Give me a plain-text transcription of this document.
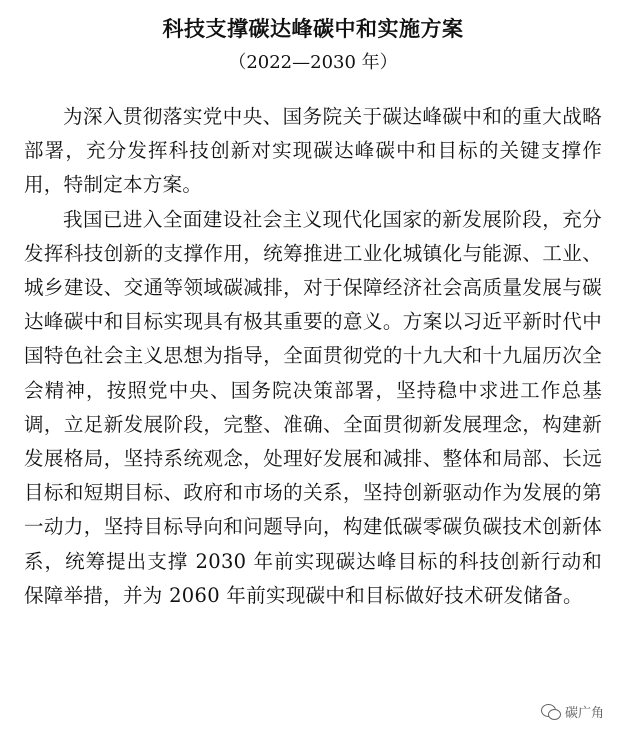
科技支撑碳达峰碳中和实施方案
（2022—2030 年）

为深入贯彻落实党中央、国务院关于碳达峰碳中和的重大战略部署，充分发挥科技创新对实现碳达峰碳中和目标的关键支撑作用，特制定本方案。

我国已进入全面建设社会主义现代化国家的新发展阶段，充分发挥科技创新的支撑作用，统筹推进工业化城镇化与能源、工业、城乡建设、交通等领域碳减排，对于保障经济社会高质量发展与碳达峰碳中和目标实现具有极其重要的意义。方案以习近平新时代中国特色社会主义思想为指导，全面贯彻党的十九大和十九届历次全会精神，按照党中央、国务院决策部署，坚持稳中求进工作总基调，立足新发展阶段，完整、准确、全面贯彻新发展理念，构建新发展格局，坚持系统观念，处理好发展和减排、整体和局部、长远目标和短期目标、政府和市场的关系，坚持创新驱动作为发展的第一动力，坚持目标导向和问题导向，构建低碳零碳负碳技术创新体系，统筹提出支撑 2030 年前实现碳达峰目标的科技创新行动和保障举措，并为 2060 年前实现碳中和目标做好技术研发储备。

碳广角
